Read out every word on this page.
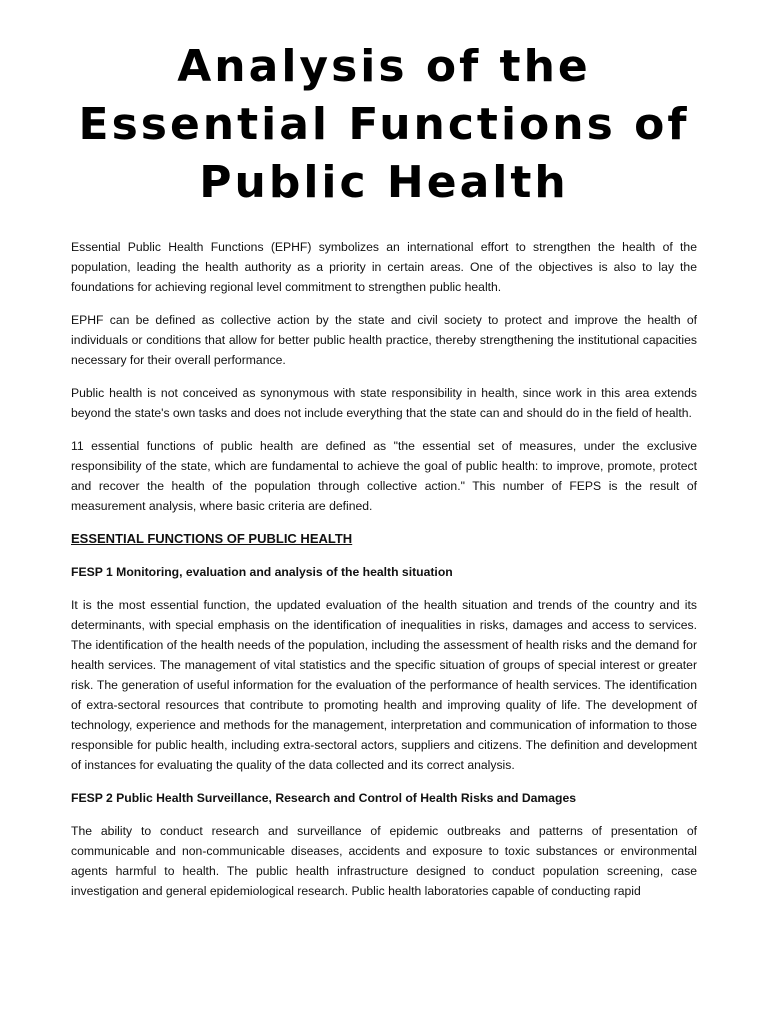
Analysis of the
Essential Functions of
Public Health

Essential Public Health Functions (EPHF) symbolizes an international effort to strengthen the health of the population, leading the health authority as a priority in certain areas. One of the objectives is also to lay the foundations for achieving regional level commitment to strengthen public health.

EPHF can be defined as collective action by the state and civil society to protect and improve the health of individuals or conditions that allow for better public health practice, thereby strengthening the institutional capacities necessary for their overall performance.

Public health is not conceived as synonymous with state responsibility in health, since work in this area extends beyond the state's own tasks and does not include everything that the state can and should do in the field of health.

11 essential functions of public health are defined as "the essential set of measures, under the exclusive responsibility of the state, which are fundamental to achieve the goal of public health: to improve, promote, protect and recover the health of the population through collective action." This number of FEPS is the result of measurement analysis, where basic criteria are defined.

ESSENTIAL FUNCTIONS OF PUBLIC HEALTH

FESP 1 Monitoring, evaluation and analysis of the health situation

It is the most essential function, the updated evaluation of the health situation and trends of the country and its determinants, with special emphasis on the identification of inequalities in risks, damages and access to services. The identification of the health needs of the population, including the assessment of health risks and the demand for health services. The management of vital statistics and the specific situation of groups of special interest or greater risk. The generation of useful information for the evaluation of the performance of health services. The identification of extra-sectoral resources that contribute to promoting health and improving quality of life. The development of technology, experience and methods for the management, interpretation and communication of information to those responsible for public health, including extra-sectoral actors, suppliers and citizens. The definition and development of instances for evaluating the quality of the data collected and its correct analysis.

FESP 2 Public Health Surveillance, Research and Control of Health Risks and Damages

The ability to conduct research and surveillance of epidemic outbreaks and patterns of presentation of communicable and non-communicable diseases, accidents and exposure to toxic substances or environmental agents harmful to health. The public health infrastructure designed to conduct population screening, case investigation and general epidemiological research. Public health laboratories capable of conducting rapid
